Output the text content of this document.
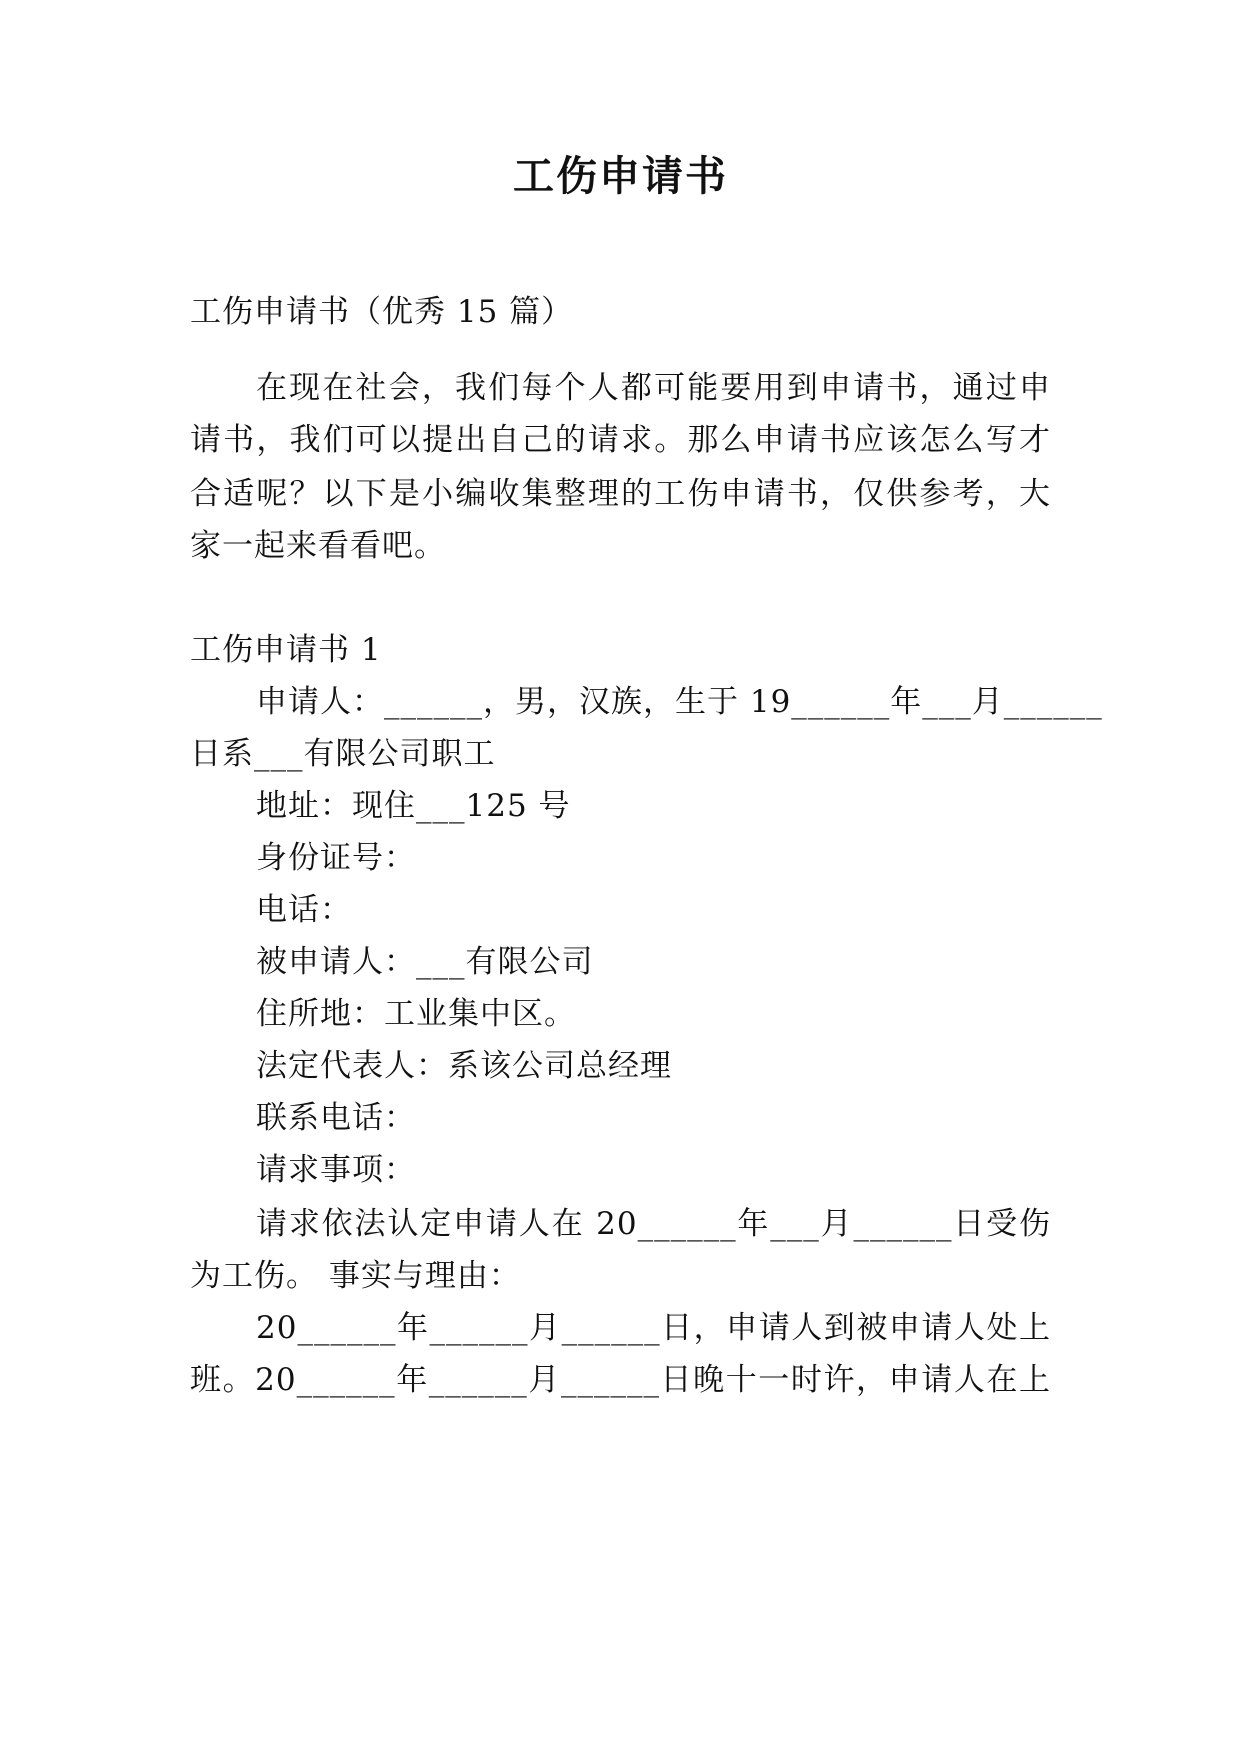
工伤申请书
工伤申请书（优秀 15 篇）
在现在社会，我们每个人都可能要用到申请书，通过申
请书，我们可以提出自己的请求。那么申请书应该怎么写才
合适呢？以下是小编收集整理的工伤申请书，仅供参考，大
家一起来看看吧。
工伤申请书 1
申请人：______，男，汉族，生于 19______年___月______
日系___有限公司职工
地址：现住___125 号
身份证号：
电话：
被申请人：___有限公司
住所地：工业集中区。
法定代表人：系该公司总经理
联系电话：
请求事项：
请求依法认定申请人在 20______年___月______日受伤
为工伤。 事实与理由：
20______年______月______日，申请人到被申请人处上
班。20______年______月______日晚十一时许，申请人在上
